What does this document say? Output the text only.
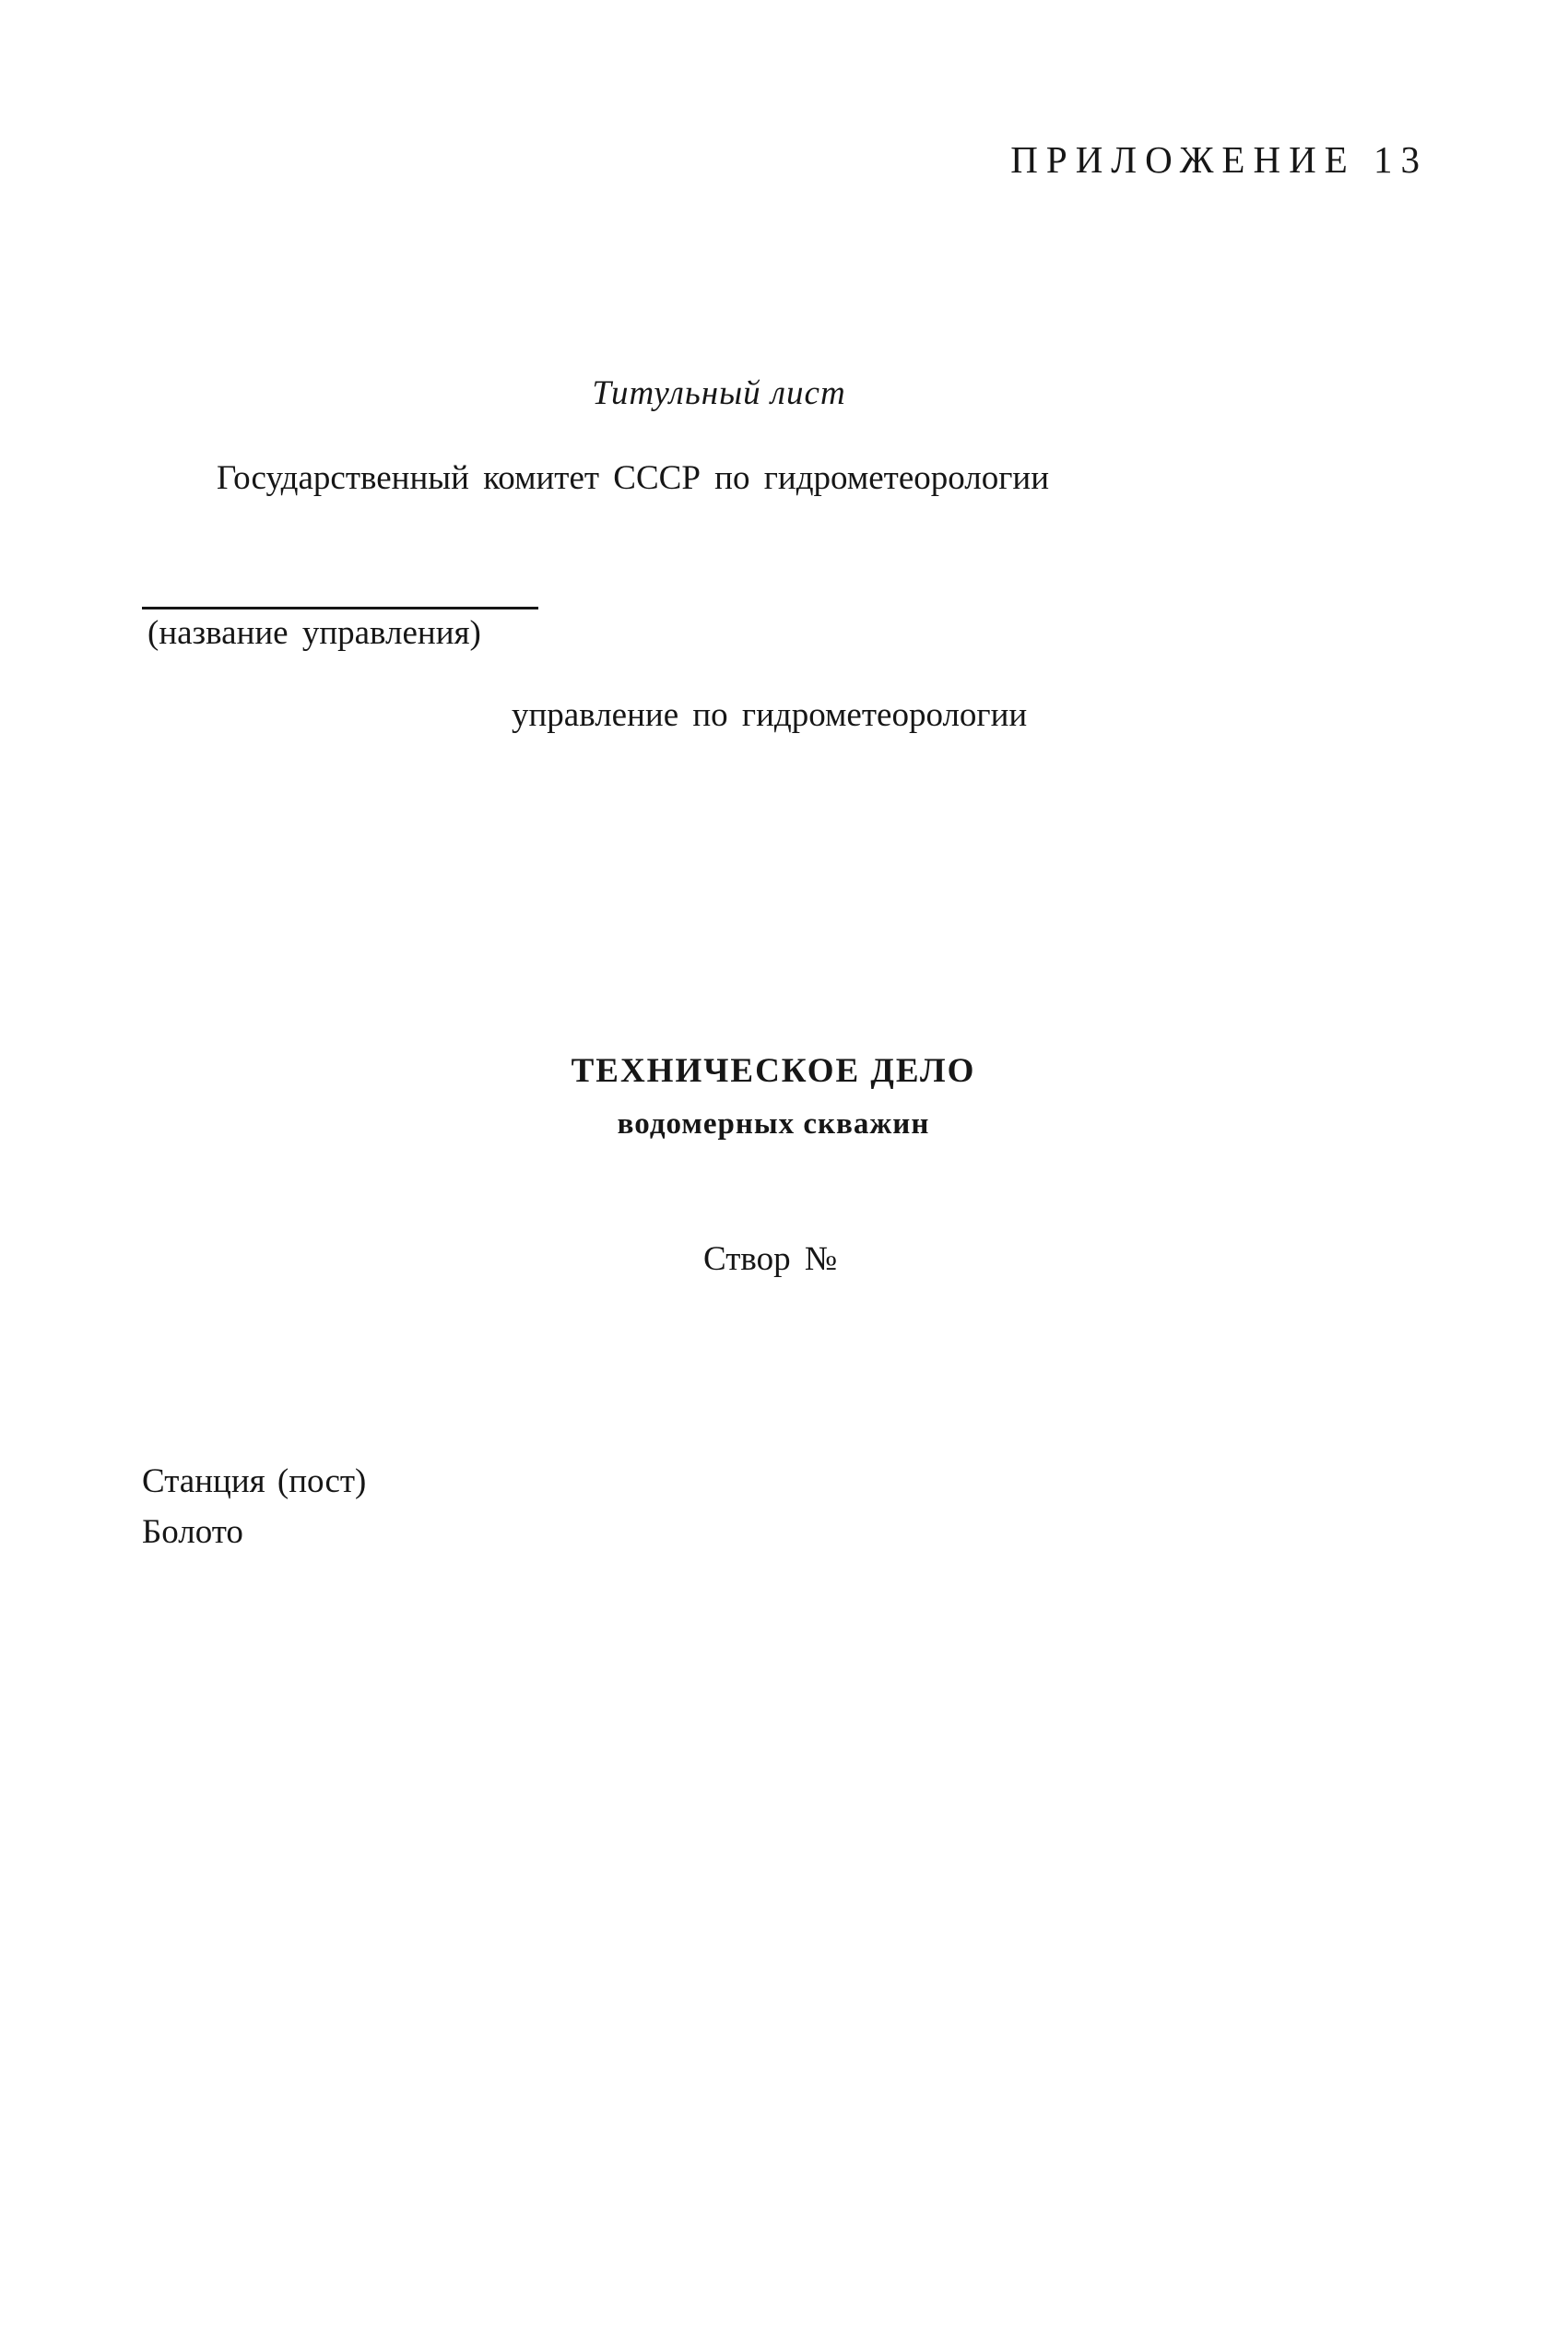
ПРИЛОЖЕНИЕ 13
Титульный лист
Государственный комитет СССР по гидрометеорологии
(название управления)
управление по гидрометеорологии
ТЕХНИЧЕСКОЕ ДЕЛО
водомерных скважин
Створ №
Станция (пост)
Болото
